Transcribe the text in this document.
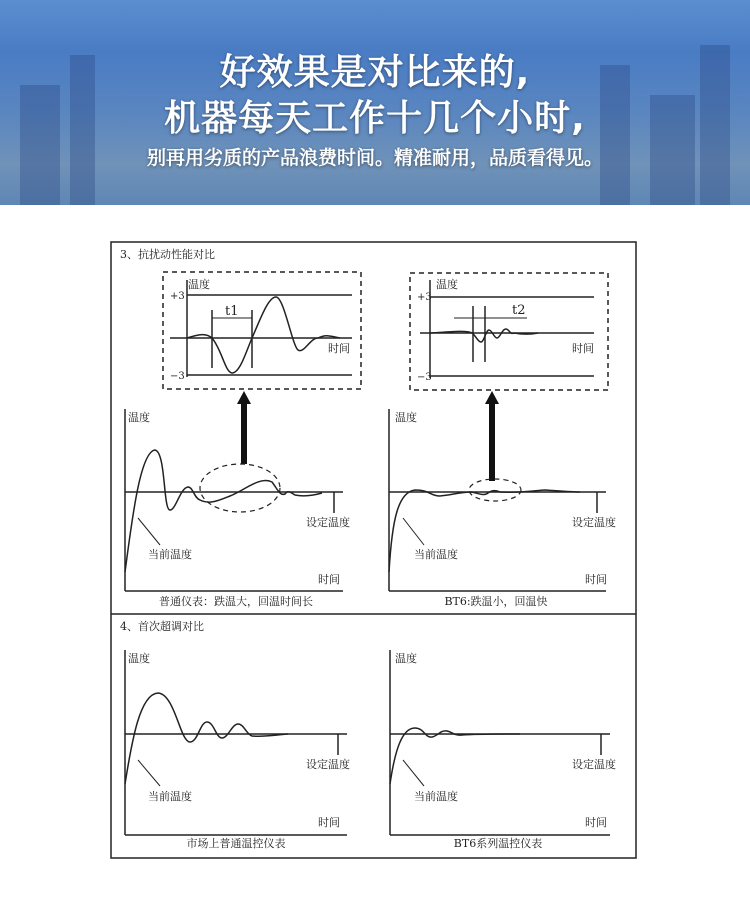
好效果是对比来的,
机器每天工作十几个小时,
别再用劣质的产品浪费时间。精准耐用，品质看得见。
3、抗扰动性能对比
4、首次超调对比
温度
+3
−3
t1
时间
温度
+3
−3
t2
时间
温度
设定温度
当前温度
时间
普通仪表：跌温大，回温时间长
温度
设定温度
当前温度
时间
BT6:跌温小，回温快
温度
设定温度
当前温度
时间
市场上普通温控仪表
温度
设定温度
当前温度
时间
BT6系列温控仪表
